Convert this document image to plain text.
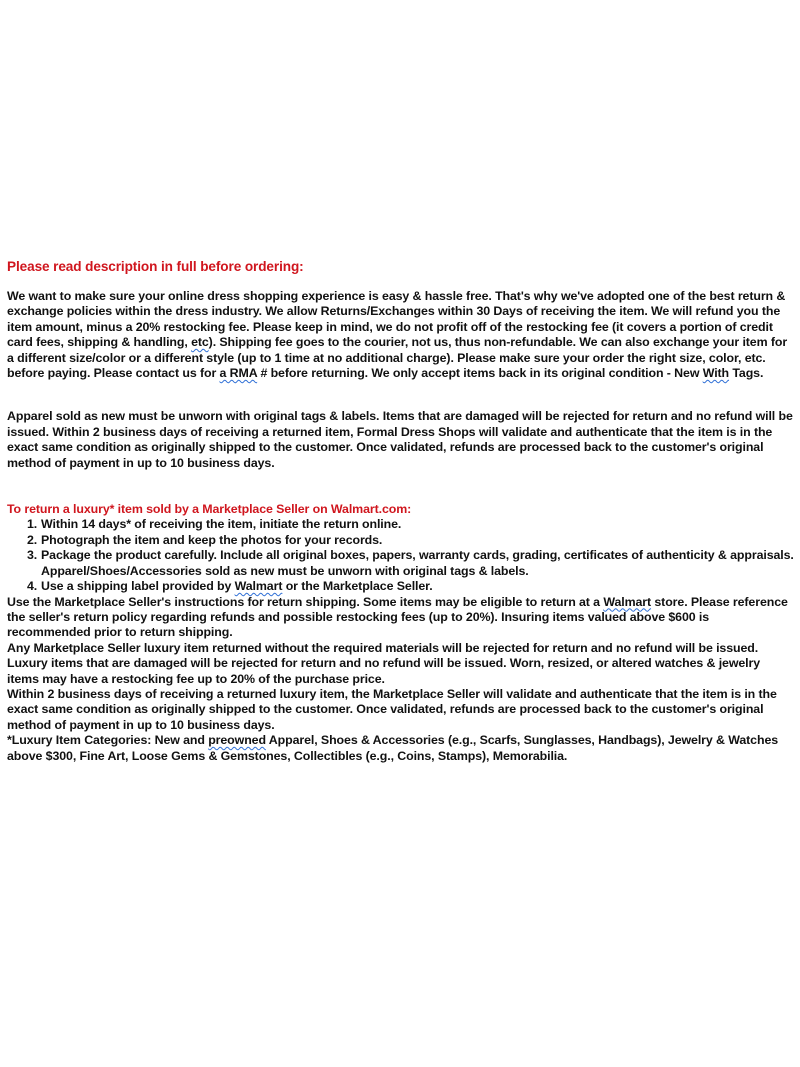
Please read description in full before ordering:

We want to make sure your online dress shopping experience is easy & hassle free. That's why we've adopted one of the best return & exchange policies within the dress industry. We allow Returns/Exchanges within 30 Days of receiving the item. We will refund you the item amount, minus a 20% restocking fee. Please keep in mind, we do not profit off of the restocking fee (it covers a portion of credit card fees, shipping & handling, etc). Shipping fee goes to the courier, not us, thus non-refundable. We can also exchange your item for a different size/color or a different style (up to 1 time at no additional charge). Please make sure your order the right size, color, etc. before paying. Please contact us for a RMA # before returning. We only accept items back in its original condition - New With Tags.

Apparel sold as new must be unworn with original tags & labels. Items that are damaged will be rejected for return and no refund will be issued. Within 2 business days of receiving a returned item, Formal Dress Shops will validate and authenticate that the item is in the exact same condition as originally shipped to the customer. Once validated, refunds are processed back to the customer's original method of payment in up to 10 business days.

To return a luxury* item sold by a Marketplace Seller on Walmart.com:

1. Within 14 days* of receiving the item, initiate the return online.
2. Photograph the item and keep the photos for your records.
3. Package the product carefully. Include all original boxes, papers, warranty cards, grading, certificates of authenticity & appraisals. Apparel/Shoes/Accessories sold as new must be unworn with original tags & labels.
4. Use a shipping label provided by Walmart or the Marketplace Seller.

Use the Marketplace Seller's instructions for return shipping. Some items may be eligible to return at a Walmart store. Please reference the seller's return policy regarding refunds and possible restocking fees (up to 20%). Insuring items valued above $600 is recommended prior to return shipping.

Any Marketplace Seller luxury item returned without the required materials will be rejected for return and no refund will be issued.

Luxury items that are damaged will be rejected for return and no refund will be issued. Worn, resized, or altered watches & jewelry items may have a restocking fee up to 20% of the purchase price.

Within 2 business days of receiving a returned luxury item, the Marketplace Seller will validate and authenticate that the item is in the exact same condition as originally shipped to the customer. Once validated, refunds are processed back to the customer's original method of payment in up to 10 business days.

*Luxury Item Categories: New and preowned Apparel, Shoes & Accessories (e.g., Scarfs, Sunglasses, Handbags), Jewelry & Watches above $300, Fine Art, Loose Gems & Gemstones, Collectibles (e.g., Coins, Stamps), Memorabilia.
